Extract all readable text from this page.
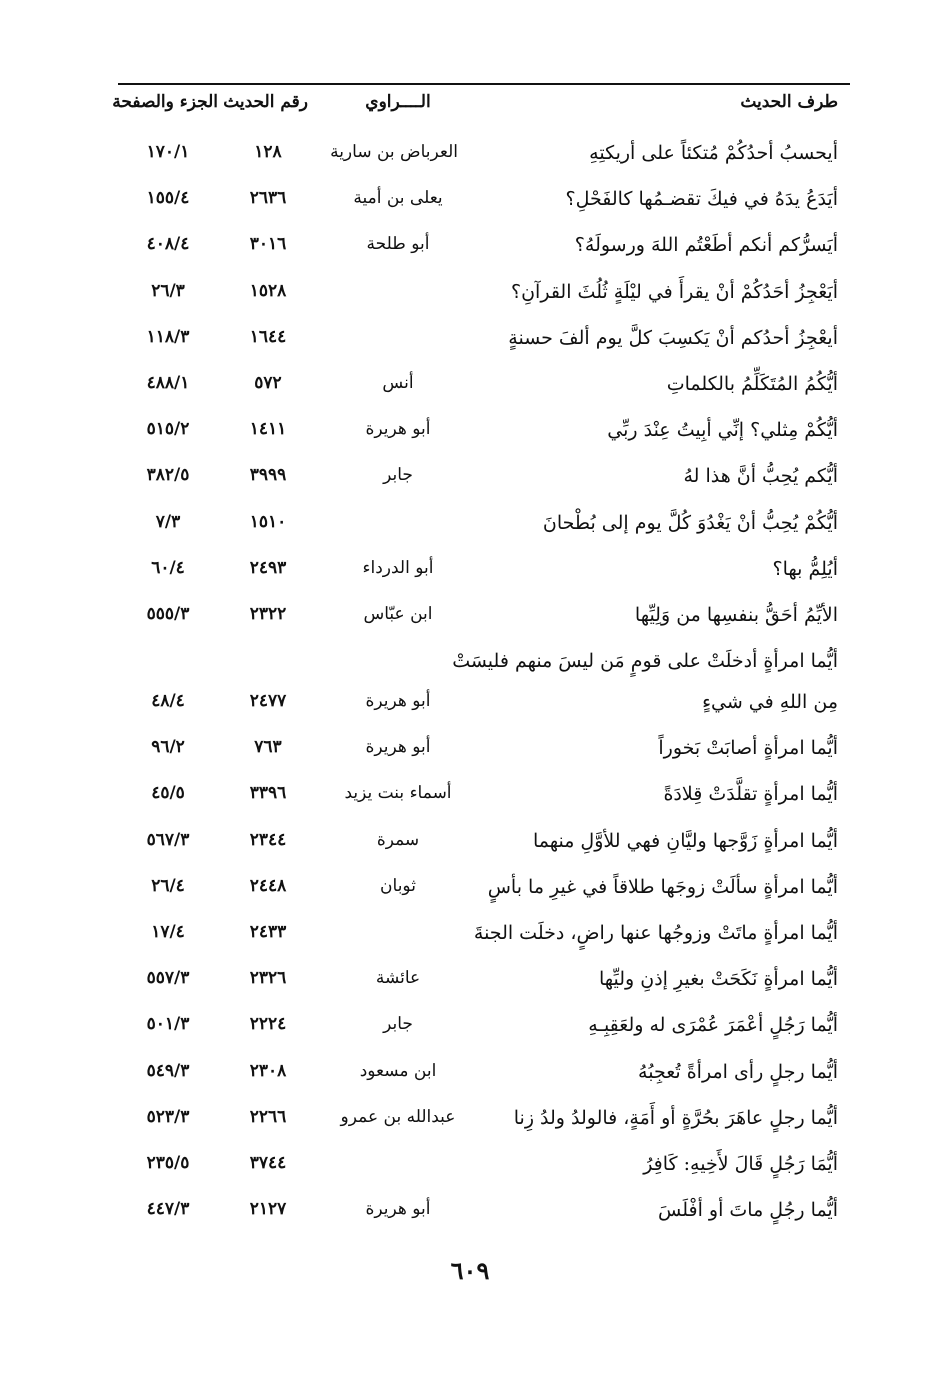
طرف الحديث
الــــراوي
رقم الحديث
الجزء والصفحة
أيحسبُ أحدُكُمْ مُتكئاً على أريكتِهِ
العرباض بن سارية
١٢٨
١٧٠/١
أيَدَعُ يدَهُ في فيكَ تقضـمُها كالفَحْلِ؟
يعلى بن أمية
٢٦٣٦
١٥٥/٤
أيَسرُّكم أنكم أطَعْتُم اللهَ ورسولَهُ؟
أبو طلحة
٣٠١٦
٤٠٨/٤
أيَعْجِزُ أحَدُكُمْ أنْ يقرأَ في ليْلَةٍ ثُلُثَ القرآنِ؟
١٥٢٨
٢٦/٣
أيعْجِزُ أحدُكم أنْ يَكسِبَ كلَّ يوم ألفَ حسنةٍ
١٦٤٤
١١٨/٣
أيُّكُمُ المُتَكَلِّمُ بالكلماتِ
أنس
٥٧٢
٤٨٨/١
أيُّكُمْ مِثلي؟ إنِّي أبِيتُ عِنْدَ ربِّي
أبو هريرة
١٤١١
٥١٥/٢
أيُّكم يُحِبُّ أنَّ هذا لهُ
جابر
٣٩٩٩
٣٨٢/٥
أيُّكُمْ يُحِبُّ أنْ يَغْدُوَ كُلَّ يوم إلى بُطْحانَ
١٥١٠
٧/٣
أيُلِمُّ بها؟
أبو الدرداء
٢٤٩٣
٦٠/٤
الأيِّمُ أحَقُّ بنفسِها من وَلِيِّها
ابن عبّاس
٢٣٢٢
٥٥٥/٣
أيُّما امرأةٍ أدخلَتْ على قومٍ مَن ليسَ منهم فليسَتْ
مِن اللهِ في شيءٍ
أبو هريرة
٢٤٧٧
٤٨/٤
أيُّما امرأةٍ أصابَتْ بَخوراً
أبو هريرة
٧٦٣
٩٦/٢
أيُّما امرأةٍ تقلَّدَتْ قِلادَةً
أسماء بنت يزيد
٣٣٩٦
٤٥/٥
أيُّما امرأةٍ زَوَّجها وليَّانِ فهي للأوَّلِ منهما
سمرة
٢٣٤٤
٥٦٧/٣
أيُّما امرأةٍ سألَتْ زوجَها طلاقاً في غيرِ ما بأسٍ
ثوبان
٢٤٤٨
٢٦/٤
أيُّما امرأةٍ ماتَتْ وزوجُها عنها راضٍ، دخلَت الجنةَ
٢٤٣٣
١٧/٤
أيُّما امرأةٍ نَكَحَتْ بغيرِ إذنِ وليِّها
عائشة
٢٣٢٦
٥٥٧/٣
أيُّما رَجُلٍ أعْمَرَ عُمْرَى له ولعَقِبِـهِ
جابر
٢٢٢٤
٥٠١/٣
أيُّما رجلٍ رأى امرأةً تُعجِبُهُ
ابن مسعود
٢٣٠٨
٥٤٩/٣
أيُّما رجلٍ عاهَرَ بحُرَّةٍ أو أَمَةٍ، فالولدُ ولدُ زِنا
عبدالله بن عمرو
٢٢٦٦
٥٢٣/٣
أيُّمَا رَجُلٍ قَالَ لأَخِيهِ: كَافِرُ
٣٧٤٤
٢٣٥/٥
أيُّما رجُلٍ ماتَ أو أفْلَسَ
أبو هريرة
٢١٢٧
٤٤٧/٣
٦٠٩
